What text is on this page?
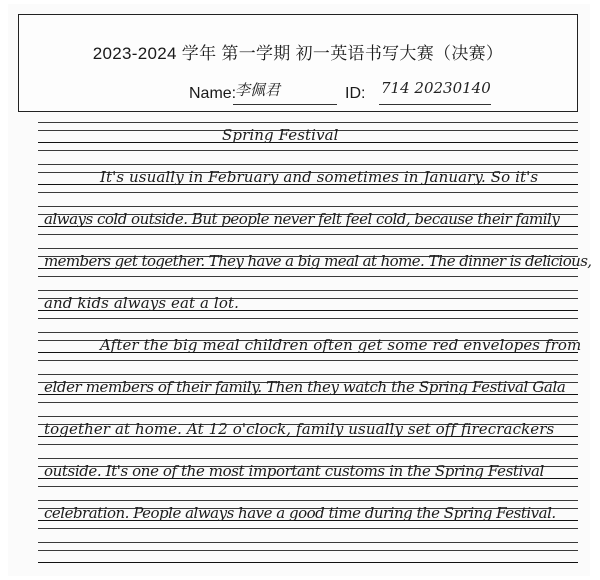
2023-2024 学年 第一学期 初一英语书写大赛（决赛）
Name:
李佩君	ID: 714 20230140
Spring Festival
It's usually in February and sometimes in January. So it's
always cold outside. But people never felt feel cold, because their family
members get together. They have a big meal at home. The dinner is delicious,
and kids always eat a lot.
After the big meal children often get some red envelopes from
elder members of their family. Then they watch the Spring Festival Gala
together at home. At 12 o'clock, family usually set off firecrackers
outside. It's one of the most important customs in the Spring Festival
celebration. People always have a good time during the Spring Festival.
